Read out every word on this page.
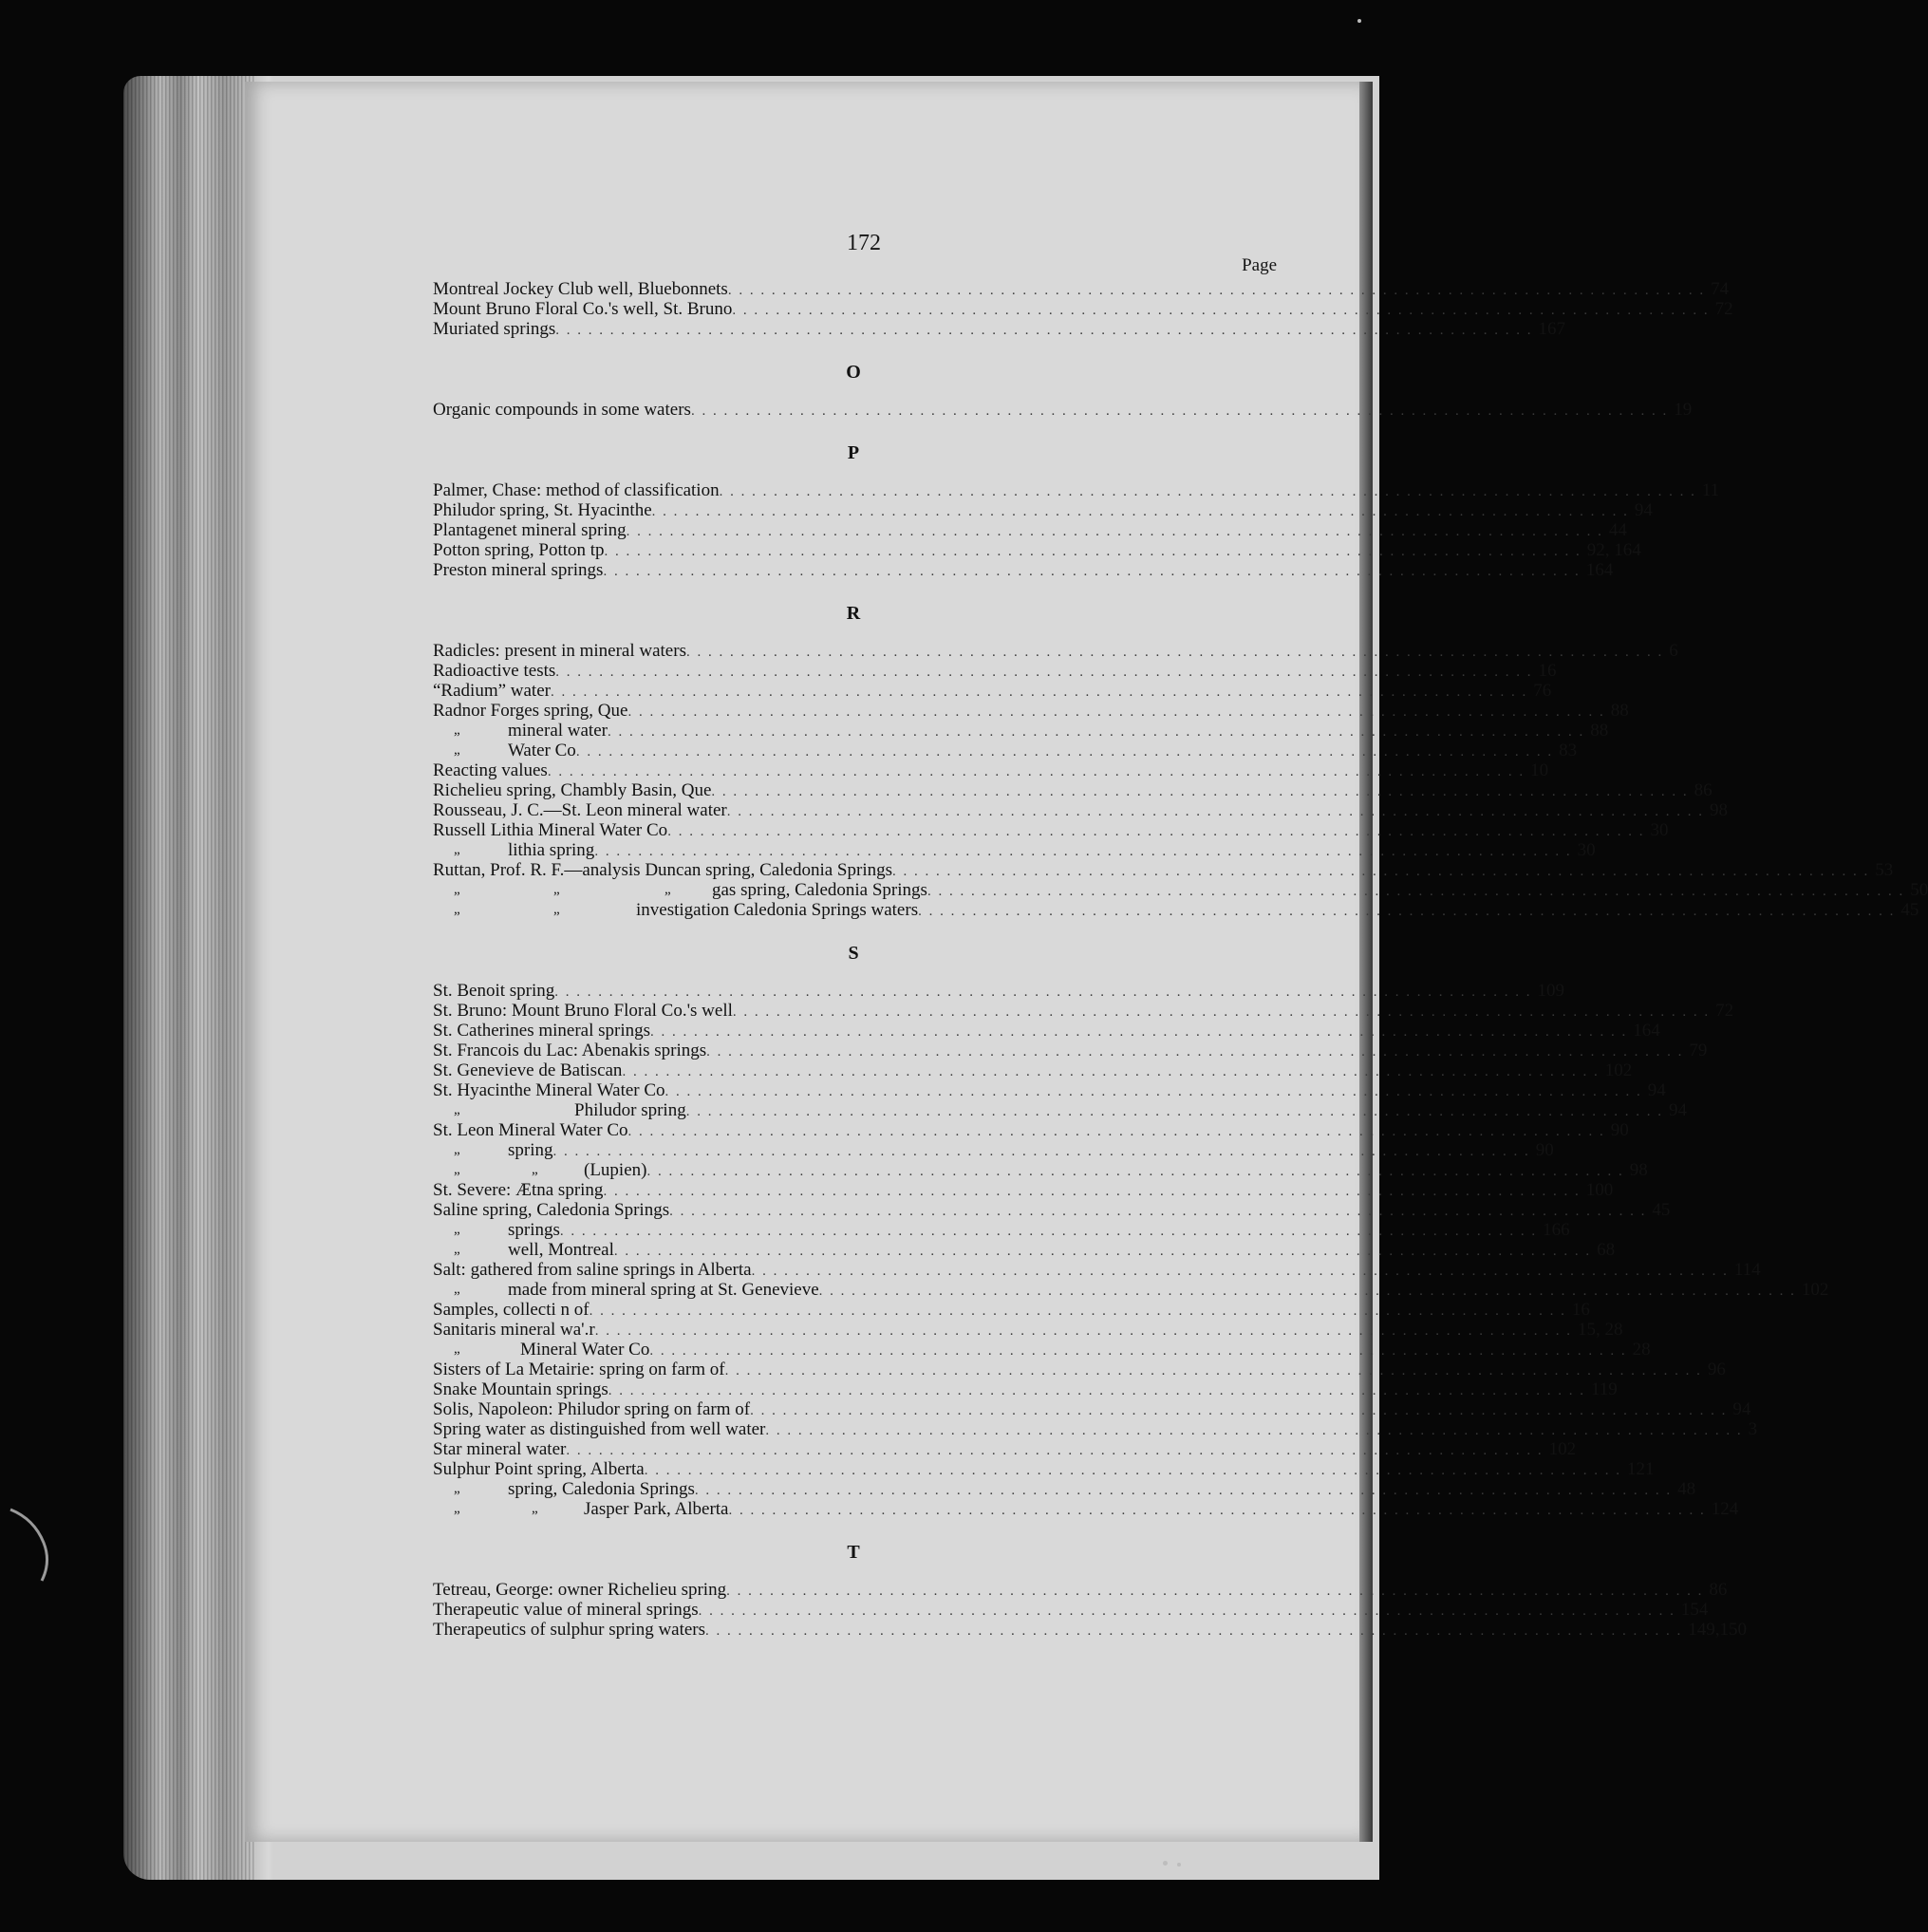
172
Page
Montreal Jockey Club well, Bluebonnets . . . . . . . . . . . . . . . . . . . . . . . . . . . . . . . . . . . . . . . . . . . . . . . . . . . . . . . . . . . . . . . . . . . . . . . . . . . . . . . . . . . . . . . . . . 74
Mount Bruno Floral Co.'s well, St. Bruno . . . . . . . . . . . . . . . . . . . . . . . . . . . . . . . . . . . . . . . . . . . . . . . . . . . . . . . . . . . . . . . . . . . . . . . . . . . . . . . . . . . . . . . . . . 72
Muriated springs . . . . . . . . . . . . . . . . . . . . . . . . . . . . . . . . . . . . . . . . . . . . . . . . . . . . . . . . . . . . . . . . . . . . . . . . . . . . . . . . . . . . . . . . . . 167
O
Organic compounds in some waters . . . . . . . . . . . . . . . . . . . . . . . . . . . . . . . . . . . . . . . . . . . . . . . . . . . . . . . . . . . . . . . . . . . . . . . . . . . . . . . . . . . . . . . . . . 19
P
Palmer, Chase: method of classification . . . . . . . . . . . . . . . . . . . . . . . . . . . . . . . . . . . . . . . . . . . . . . . . . . . . . . . . . . . . . . . . . . . . . . . . . . . . . . . . . . . . . . . . . . 11
Philudor spring, St. Hyacinthe . . . . . . . . . . . . . . . . . . . . . . . . . . . . . . . . . . . . . . . . . . . . . . . . . . . . . . . . . . . . . . . . . . . . . . . . . . . . . . . . . . . . . . . . . . 94
Plantagenet mineral spring . . . . . . . . . . . . . . . . . . . . . . . . . . . . . . . . . . . . . . . . . . . . . . . . . . . . . . . . . . . . . . . . . . . . . . . . . . . . . . . . . . . . . . . . . . 44
Potton spring, Potton tp . . . . . . . . . . . . . . . . . . . . . . . . . . . . . . . . . . . . . . . . . . . . . . . . . . . . . . . . . . . . . . . . . . . . . . . . . . . . . . . . . . . . . . . . . . 92, 164
Preston mineral springs . . . . . . . . . . . . . . . . . . . . . . . . . . . . . . . . . . . . . . . . . . . . . . . . . . . . . . . . . . . . . . . . . . . . . . . . . . . . . . . . . . . . . . . . . . 164
R
Radicles: present in mineral waters . . . . . . . . . . . . . . . . . . . . . . . . . . . . . . . . . . . . . . . . . . . . . . . . . . . . . . . . . . . . . . . . . . . . . . . . . . . . . . . . . . . . . . . . . . 6
Radioactive tests . . . . . . . . . . . . . . . . . . . . . . . . . . . . . . . . . . . . . . . . . . . . . . . . . . . . . . . . . . . . . . . . . . . . . . . . . . . . . . . . . . . . . . . . . . 16
“Radium” water . . . . . . . . . . . . . . . . . . . . . . . . . . . . . . . . . . . . . . . . . . . . . . . . . . . . . . . . . . . . . . . . . . . . . . . . . . . . . . . . . . . . . . . . . . 76
Radnor Forges spring, Que . . . . . . . . . . . . . . . . . . . . . . . . . . . . . . . . . . . . . . . . . . . . . . . . . . . . . . . . . . . . . . . . . . . . . . . . . . . . . . . . . . . . . . . . . . 88
„	mineral water . . . . . . . . . . . . . . . . . . . . . . . . . . . . . . . . . . . . . . . . . . . . . . . . . . . . . . . . . . . . . . . . . . . . . . . . . . . . . . . . . . . . . . . . . . 88
„	Water Co . . . . . . . . . . . . . . . . . . . . . . . . . . . . . . . . . . . . . . . . . . . . . . . . . . . . . . . . . . . . . . . . . . . . . . . . . . . . . . . . . . . . . . . . . . 83
Reacting values . . . . . . . . . . . . . . . . . . . . . . . . . . . . . . . . . . . . . . . . . . . . . . . . . . . . . . . . . . . . . . . . . . . . . . . . . . . . . . . . . . . . . . . . . . 10
Richelieu spring, Chambly Basin, Que . . . . . . . . . . . . . . . . . . . . . . . . . . . . . . . . . . . . . . . . . . . . . . . . . . . . . . . . . . . . . . . . . . . . . . . . . . . . . . . . . . . . . . . . . . 86
Rousseau, J. C.—St. Leon mineral water . . . . . . . . . . . . . . . . . . . . . . . . . . . . . . . . . . . . . . . . . . . . . . . . . . . . . . . . . . . . . . . . . . . . . . . . . . . . . . . . . . . . . . . . . . 98
Russell Lithia Mineral Water Co . . . . . . . . . . . . . . . . . . . . . . . . . . . . . . . . . . . . . . . . . . . . . . . . . . . . . . . . . . . . . . . . . . . . . . . . . . . . . . . . . . . . . . . . . . 30
„	lithia spring . . . . . . . . . . . . . . . . . . . . . . . . . . . . . . . . . . . . . . . . . . . . . . . . . . . . . . . . . . . . . . . . . . . . . . . . . . . . . . . . . . . . . . . . . . 30
Ruttan, Prof. R. F.—analysis Duncan spring, Caledonia Springs . . . . . . . . . . . . . . . . . . . . . . . . . . . . . . . . . . . . . . . . . . . . . . . . . . . . . . . . . . . . . . . . . . . . . . . . . . . . . . . . . . . . . . . . . . 53
„	„	„ gas spring, Caledonia Springs . . . . . . . . . . . . . . . . . . . . . . . . . . . . . . . . . . . . . . . . . . . . . . . . . . . . . . . . . . . . . . . . . . . . . . . . . . . . . . . . . . . . . . . . . . 50
„	„	investigation Caledonia Springs waters . . . . . . . . . . . . . . . . . . . . . . . . . . . . . . . . . . . . . . . . . . . . . . . . . . . . . . . . . . . . . . . . . . . . . . . . . . . . . . . . . . . . . . . . . . 45
S
St. Benoit spring . . . . . . . . . . . . . . . . . . . . . . . . . . . . . . . . . . . . . . . . . . . . . . . . . . . . . . . . . . . . . . . . . . . . . . . . . . . . . . . . . . . . . . . . . . 109
St. Bruno: Mount Bruno Floral Co.'s well . . . . . . . . . . . . . . . . . . . . . . . . . . . . . . . . . . . . . . . . . . . . . . . . . . . . . . . . . . . . . . . . . . . . . . . . . . . . . . . . . . . . . . . . . . 72
St. Catherines mineral springs . . . . . . . . . . . . . . . . . . . . . . . . . . . . . . . . . . . . . . . . . . . . . . . . . . . . . . . . . . . . . . . . . . . . . . . . . . . . . . . . . . . . . . . . . . 164
St. Francois du Lac: Abenakis springs . . . . . . . . . . . . . . . . . . . . . . . . . . . . . . . . . . . . . . . . . . . . . . . . . . . . . . . . . . . . . . . . . . . . . . . . . . . . . . . . . . . . . . . . . . 79
St. Genevieve de Batiscan . . . . . . . . . . . . . . . . . . . . . . . . . . . . . . . . . . . . . . . . . . . . . . . . . . . . . . . . . . . . . . . . . . . . . . . . . . . . . . . . . . . . . . . . . . 102
St. Hyacinthe Mineral Water Co . . . . . . . . . . . . . . . . . . . . . . . . . . . . . . . . . . . . . . . . . . . . . . . . . . . . . . . . . . . . . . . . . . . . . . . . . . . . . . . . . . . . . . . . . . 94
„	Philudor spring . . . . . . . . . . . . . . . . . . . . . . . . . . . . . . . . . . . . . . . . . . . . . . . . . . . . . . . . . . . . . . . . . . . . . . . . . . . . . . . . . . . . . . . . . . 94
St. Leon Mineral Water Co . . . . . . . . . . . . . . . . . . . . . . . . . . . . . . . . . . . . . . . . . . . . . . . . . . . . . . . . . . . . . . . . . . . . . . . . . . . . . . . . . . . . . . . . . . 90
„	spring . . . . . . . . . . . . . . . . . . . . . . . . . . . . . . . . . . . . . . . . . . . . . . . . . . . . . . . . . . . . . . . . . . . . . . . . . . . . . . . . . . . . . . . . . . 90
„	„	(Lupien) . . . . . . . . . . . . . . . . . . . . . . . . . . . . . . . . . . . . . . . . . . . . . . . . . . . . . . . . . . . . . . . . . . . . . . . . . . . . . . . . . . . . . . . . . . 98
St. Severe: Ætna spring . . . . . . . . . . . . . . . . . . . . . . . . . . . . . . . . . . . . . . . . . . . . . . . . . . . . . . . . . . . . . . . . . . . . . . . . . . . . . . . . . . . . . . . . . . 100
Saline spring, Caledonia Springs . . . . . . . . . . . . . . . . . . . . . . . . . . . . . . . . . . . . . . . . . . . . . . . . . . . . . . . . . . . . . . . . . . . . . . . . . . . . . . . . . . . . . . . . . . 45
„	springs . . . . . . . . . . . . . . . . . . . . . . . . . . . . . . . . . . . . . . . . . . . . . . . . . . . . . . . . . . . . . . . . . . . . . . . . . . . . . . . . . . . . . . . . . . 166
„	well, Montreal . . . . . . . . . . . . . . . . . . . . . . . . . . . . . . . . . . . . . . . . . . . . . . . . . . . . . . . . . . . . . . . . . . . . . . . . . . . . . . . . . . . . . . . . . . 68
Salt: gathered from saline springs in Alberta . . . . . . . . . . . . . . . . . . . . . . . . . . . . . . . . . . . . . . . . . . . . . . . . . . . . . . . . . . . . . . . . . . . . . . . . . . . . . . . . . . . . . . . . . . 114
„	made from mineral spring at St. Genevieve . . . . . . . . . . . . . . . . . . . . . . . . . . . . . . . . . . . . . . . . . . . . . . . . . . . . . . . . . . . . . . . . . . . . . . . . . . . . . . . . . . . . . . . . . . 102
Samples, collecti n of . . . . . . . . . . . . . . . . . . . . . . . . . . . . . . . . . . . . . . . . . . . . . . . . . . . . . . . . . . . . . . . . . . . . . . . . . . . . . . . . . . . . . . . . . . 16
Sanitaris mineral wa'.r . . . . . . . . . . . . . . . . . . . . . . . . . . . . . . . . . . . . . . . . . . . . . . . . . . . . . . . . . . . . . . . . . . . . . . . . . . . . . . . . . . . . . . . . . . 15, 28
„	Mineral Water Co . . . . . . . . . . . . . . . . . . . . . . . . . . . . . . . . . . . . . . . . . . . . . . . . . . . . . . . . . . . . . . . . . . . . . . . . . . . . . . . . . . . . . . . . . . 28
Sisters of La Metairie: spring on farm of . . . . . . . . . . . . . . . . . . . . . . . . . . . . . . . . . . . . . . . . . . . . . . . . . . . . . . . . . . . . . . . . . . . . . . . . . . . . . . . . . . . . . . . . . . 96
Snake Mountain springs . . . . . . . . . . . . . . . . . . . . . . . . . . . . . . . . . . . . . . . . . . . . . . . . . . . . . . . . . . . . . . . . . . . . . . . . . . . . . . . . . . . . . . . . . . 119
Solis, Napoleon: Philudor spring on farm of . . . . . . . . . . . . . . . . . . . . . . . . . . . . . . . . . . . . . . . . . . . . . . . . . . . . . . . . . . . . . . . . . . . . . . . . . . . . . . . . . . . . . . . . . . 94
Spring water as distinguished from well water . . . . . . . . . . . . . . . . . . . . . . . . . . . . . . . . . . . . . . . . . . . . . . . . . . . . . . . . . . . . . . . . . . . . . . . . . . . . . . . . . . . . . . . . . . 3
Star mineral water . . . . . . . . . . . . . . . . . . . . . . . . . . . . . . . . . . . . . . . . . . . . . . . . . . . . . . . . . . . . . . . . . . . . . . . . . . . . . . . . . . . . . . . . . . 102
Sulphur Point spring, Alberta . . . . . . . . . . . . . . . . . . . . . . . . . . . . . . . . . . . . . . . . . . . . . . . . . . . . . . . . . . . . . . . . . . . . . . . . . . . . . . . . . . . . . . . . . . 121
„	spring, Caledonia Springs . . . . . . . . . . . . . . . . . . . . . . . . . . . . . . . . . . . . . . . . . . . . . . . . . . . . . . . . . . . . . . . . . . . . . . . . . . . . . . . . . . . . . . . . . . 48
„	„	Jasper Park, Alberta . . . . . . . . . . . . . . . . . . . . . . . . . . . . . . . . . . . . . . . . . . . . . . . . . . . . . . . . . . . . . . . . . . . . . . . . . . . . . . . . . . . . . . . . . . 124
T
Tetreau, George: owner Richelieu spring . . . . . . . . . . . . . . . . . . . . . . . . . . . . . . . . . . . . . . . . . . . . . . . . . . . . . . . . . . . . . . . . . . . . . . . . . . . . . . . . . . . . . . . . . . 86
Therapeutic value of mineral springs . . . . . . . . . . . . . . . . . . . . . . . . . . . . . . . . . . . . . . . . . . . . . . . . . . . . . . . . . . . . . . . . . . . . . . . . . . . . . . . . . . . . . . . . . . 154
Therapeutics of sulphur spring waters . . . . . . . . . . . . . . . . . . . . . . . . . . . . . . . . . . . . . . . . . . . . . . . . . . . . . . . . . . . . . . . . . . . . . . . . . . . . . . . . . . . . . . . . . . 149,150
